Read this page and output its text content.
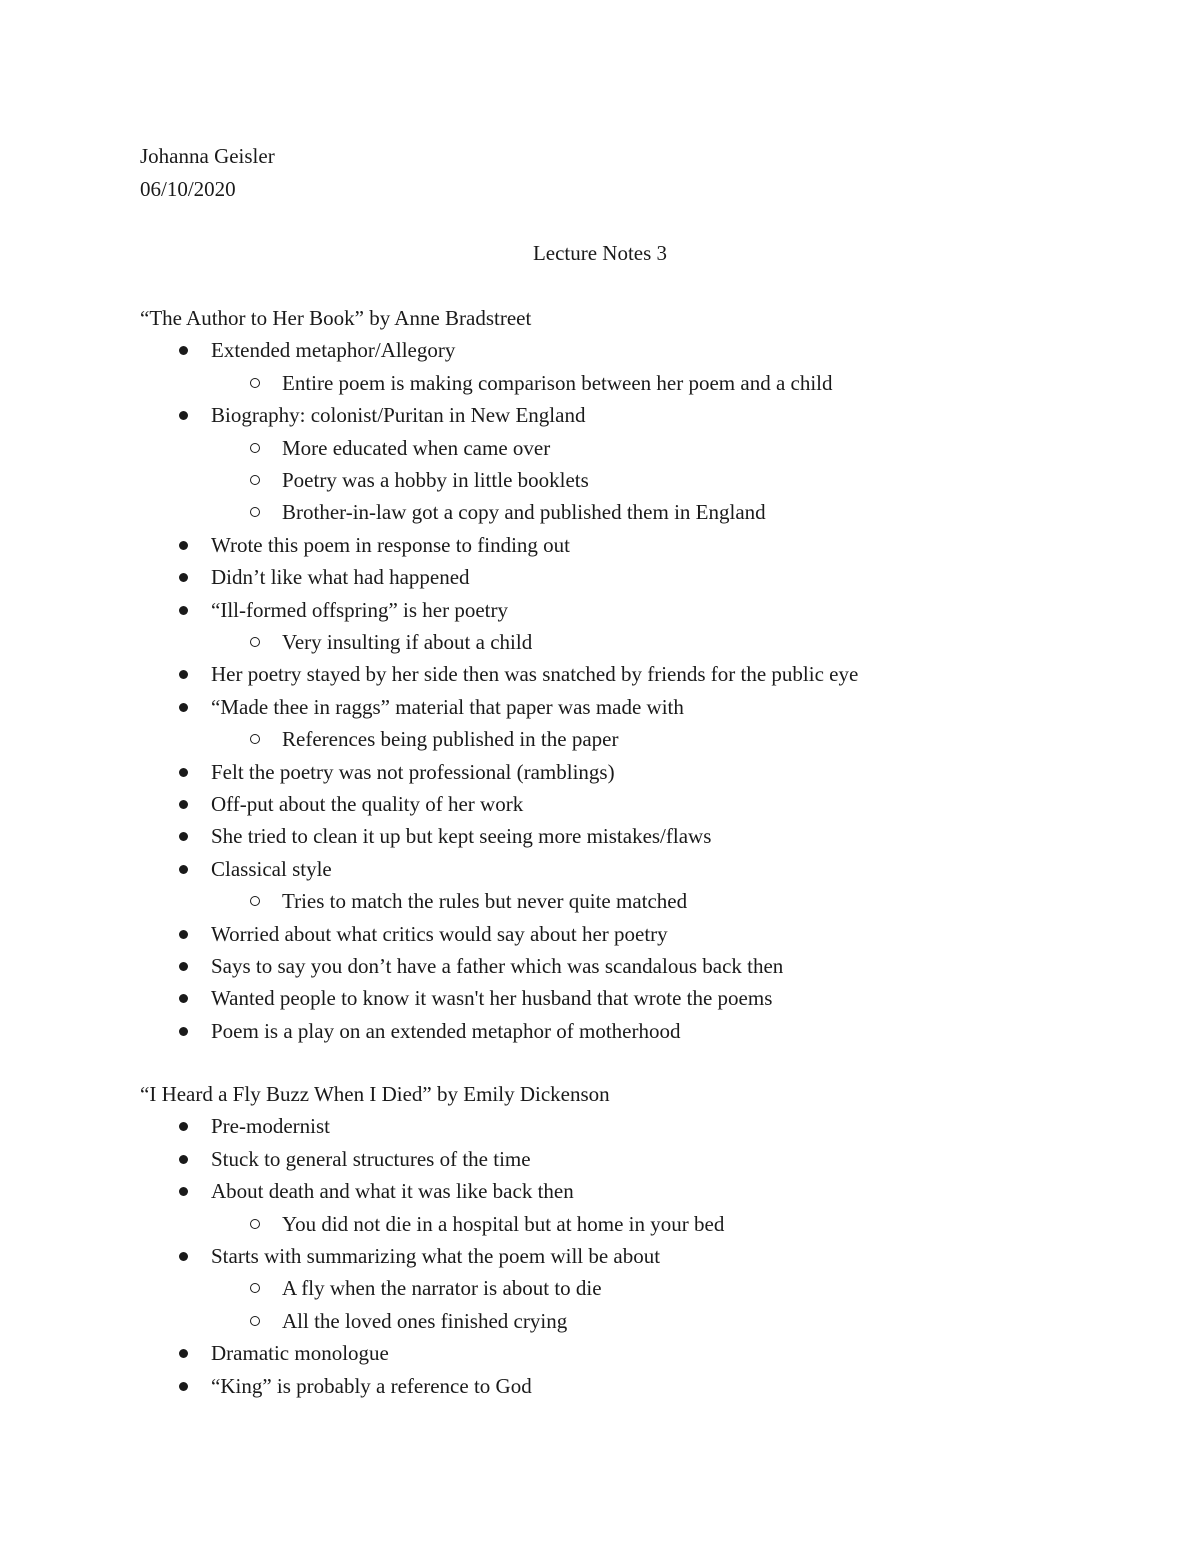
Johanna Geisler
06/10/2020
Lecture Notes 3
“The Author to Her Book” by Anne Bradstreet
Extended metaphor/Allegory
Entire poem is making comparison between her poem and a child
Biography: colonist/Puritan in New England
More educated when came over
Poetry was a hobby in little booklets
Brother-in-law got a copy and published them in England
Wrote this poem in response to finding out
Didn’t like what had happened
“Ill-formed offspring” is her poetry
Very insulting if about a child
Her poetry stayed by her side then was snatched by friends for the public eye
“Made thee in raggs” material that paper was made with
References being published in the paper
Felt the poetry was not professional (ramblings)
Off-put about the quality of her work
She tried to clean it up but kept seeing more mistakes/flaws
Classical style
Tries to match the rules but never quite matched
Worried about what critics would say about her poetry
Says to say you don’t have a father which was scandalous back then
Wanted people to know it wasn't her husband that wrote the poems
Poem is a play on an extended metaphor of motherhood
“I Heard a Fly Buzz When I Died” by Emily Dickenson
Pre-modernist
Stuck to general structures of the time
About death and what it was like back then
You did not die in a hospital but at home in your bed
Starts with summarizing what the poem will be about
A fly when the narrator is about to die
All the loved ones finished crying
Dramatic monologue
“King” is probably a reference to God
